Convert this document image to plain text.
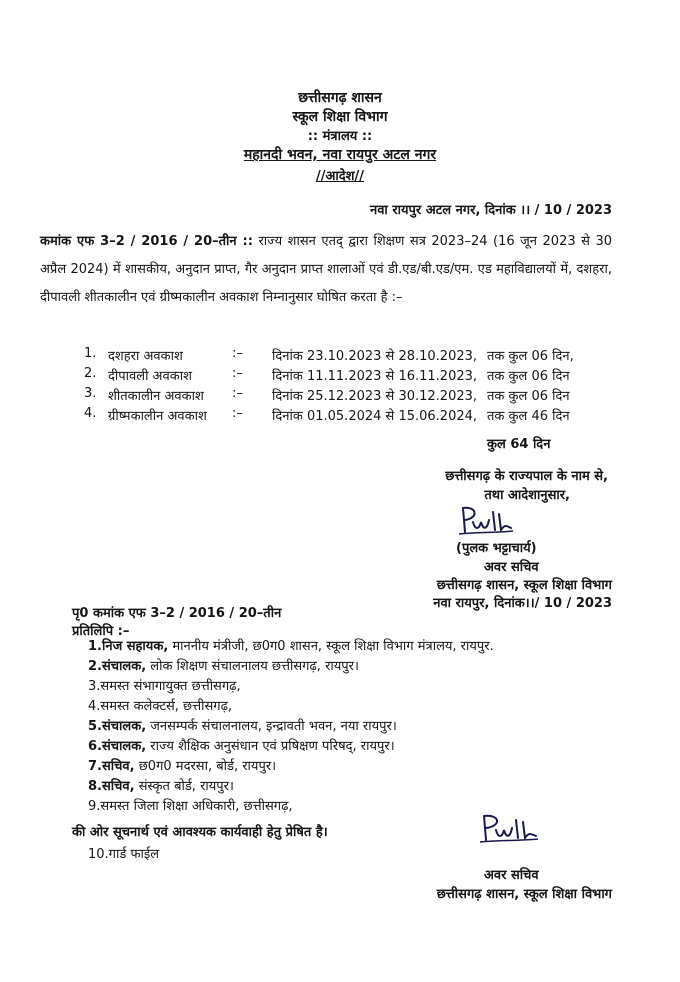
छत्तीसगढ़ शासन
स्कूल शिक्षा विभाग
:: मंत्रालय ::
महानदी भवन, नवा रायपुर अटल नगर
//आदेश//
नवा रायपुर अटल नगर, दिनांक ।। / 10 / 2023
कमांक एफ 3–2 / 2016 / 20–तीन :: राज्य शासन एतद् द्वारा शिक्षण सत्र 2023–24 (16 जून 2023 से 30 अप्रैल 2024) में शासकीय, अनुदान प्राप्त, गैर अनुदान प्राप्त शालाओं एवं डी.एड/बी.एड/एम. एड महाविद्यालयों में, दशहरा, दीपावली शीतकालीन एवं ग्रीष्मकालीन अवकाश निम्नानुसार घोषित करता है :–
1. दशहरा अवकाश	:– दिनांक 23.10.2023 से 28.10.2023, तक कुल 06 दिन,
2. दीपावली अवकाश	:– दिनांक 11.11.2023 से 16.11.2023, तक कुल 06 दिन
3. शीतकालीन अवकाश :– दिनांक 25.12.2023 से 30.12.2023, तक कुल 06 दिन
4. ग्रीष्मकालीन अवकाश :– दिनांक 01.05.2024 से 15.06.2024, तक कुल 46 दिन
कुल 64 दिन
छत्तीसगढ़ के राज्यपाल के नाम से,
तथा आदेशानुसार,
(पुलक भट्टाचार्य)
अवर सचिव
छत्तीसगढ़ शासन, स्कूल शिक्षा विभाग
नवा रायपुर, दिनांक।।/ 10 / 2023
पृ0 कमांक एफ 3–2 / 2016 / 20–तीन
प्रतिलिपि :–
1.निज सहायक, माननीय मंत्रीजी, छ0ग0 शासन, स्कूल शिक्षा विभाग मंत्रालय, रायपुर.
2.संचालक, लोक शिक्षण संचालनालय छत्तीसगढ़, रायपुर।
3.समस्त संभागायुक्त छत्तीसगढ़,
4.समस्त कलेक्टर्स, छत्तीसगढ़,
5.संचालक, जनसम्पर्क संचालनालय, इन्द्रावती भवन, नया रायपुर।
6.संचालक, राज्य शैक्षिक अनुसंधान एवं प्रषिक्षण परिषद्, रायपुर।
7.सचिव, छ0ग0 मदरसा, बोर्ड, रायपुर।
8.सचिव, संस्कृत बोर्ड, रायपुर।
9.समस्त जिला शिक्षा अधिकारी, छत्तीसगढ़,
की ओर सूचनार्थ एवं आवश्यक कार्यवाही हेतु प्रेषित है।
10.गार्ड फाईल
अवर सचिव
छत्तीसगढ़ शासन, स्कूल शिक्षा विभाग
